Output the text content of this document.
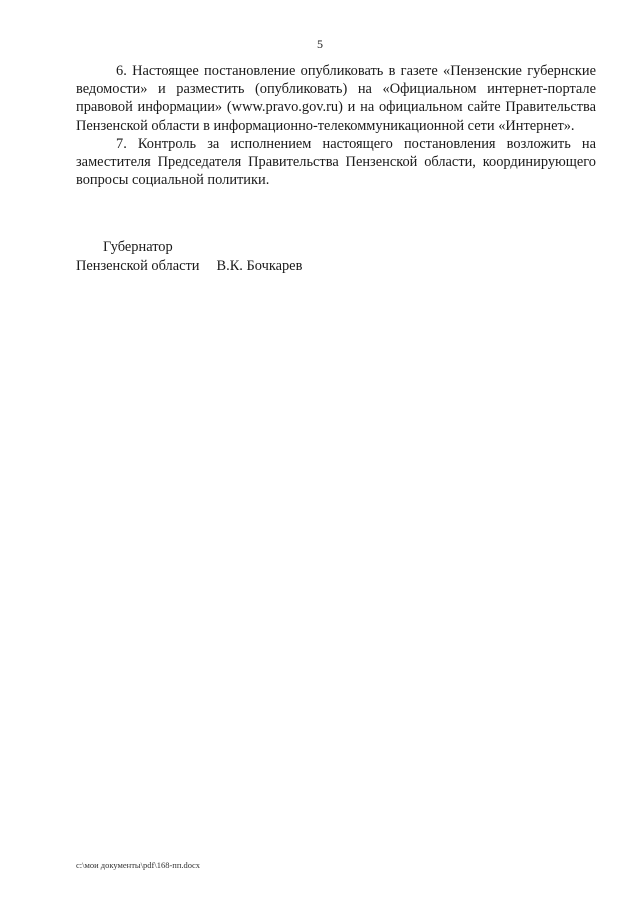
5

6. Настоящее постановление опубликовать в газете «Пензенские губернские ведомости» и разместить (опубликовать) на «Официальном интернет-портале правовой информации» (www.pravo.gov.ru) и на официальном сайте Правительства Пензенской области в информационно-телекоммуникационной сети «Интернет».

7. Контроль за исполнением настоящего постановления возложить на заместителя Председателя Правительства Пензенской области, координирующего вопросы социальной политики.

Губернатор
Пензенской области В.К. Бочкарев
c:\мои документы\pdf\168-пп.docx
